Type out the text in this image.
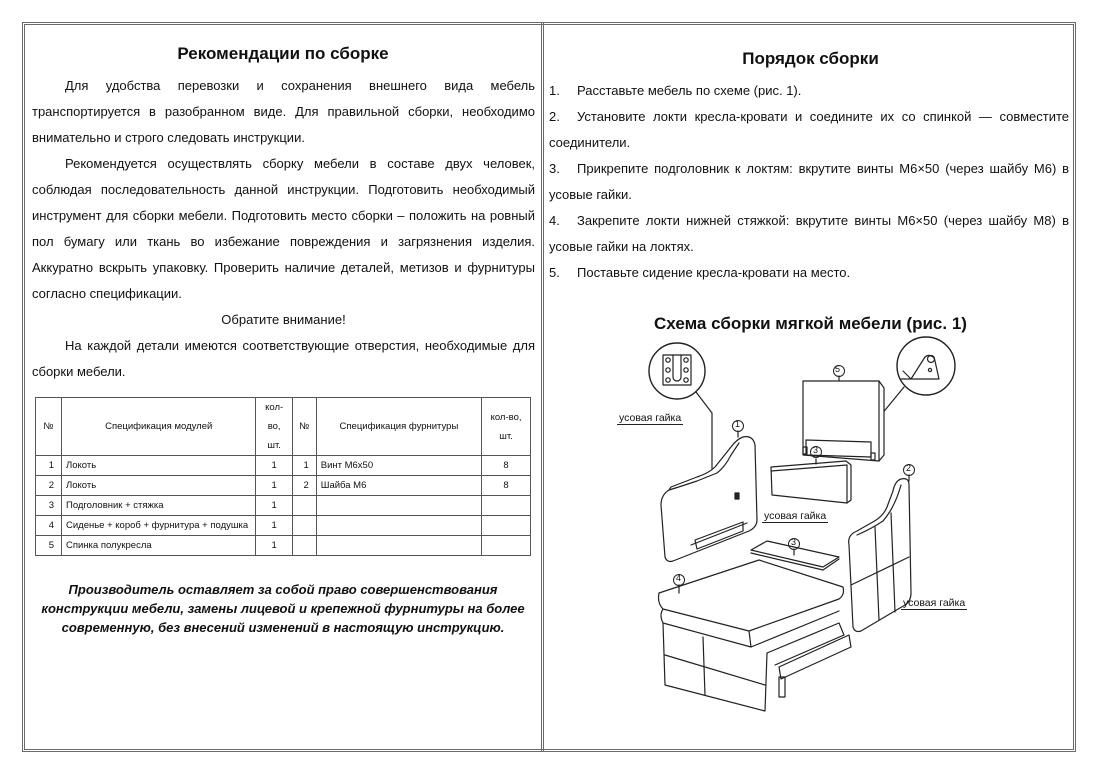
Рекомендации по сборке

Для удобства перевозки и сохранения внешнего вида мебель транспортируется в разобранном виде. Для правильной сборки, необходимо внимательно и строго следовать инструкции.

Рекомендуется осуществлять сборку мебели в составе двух человек, соблюдая последовательность данной инструкции. Подготовить необходимый инструмент для сборки мебели. Подготовить место сборки – положить на ровный пол бумагу или ткань во избежание повреждения и загрязнения изделия. Аккуратно вскрыть упаковку. Проверить наличие деталей, метизов и фурнитуры согласно спецификации.

Обратите внимание!

На каждой детали имеются соответствующие отверстия, необходимые для сборки мебели.

№	Спецификация модулей	кол-во, шт.	№	Спецификация фурнитуры	кол-во, шт.
1	Локоть	1	1	Винт М6х50	8
2	Локоть	1	2	Шайба М6	8
3	Подголовник + стяжка	1			
4	Сиденье + короб + фурнитура + подушка	1			
5	Спинка полукресла	1			
Производитель оставляет за собой право совершенствования конструкции мебели, замены лицевой и крепежной фурнитуры на более современную, без внесений изменений в настоящую инструкцию.
Порядок сборки

1. Расставьте мебель по схеме (рис. 1).

2. Установите локти кресла-кровати и соедините их со спинкой — совместите соединители.

3. Прикрепите подголовник к локтям: вкрутите винты М6×50 (через шайбу М6) в усовые гайки.

4. Закрепите локти нижней стяжкой: вкрутите винты М6×50 (через шайбу М8) в усовые гайки на локтях.

5. Поставьте сидение кресла-кровати на место.

Схема сборки мягкой мебели (рис. 1)
5
3
1
3
2
4
усовая гайка
усовая гайка
усовая гайка
